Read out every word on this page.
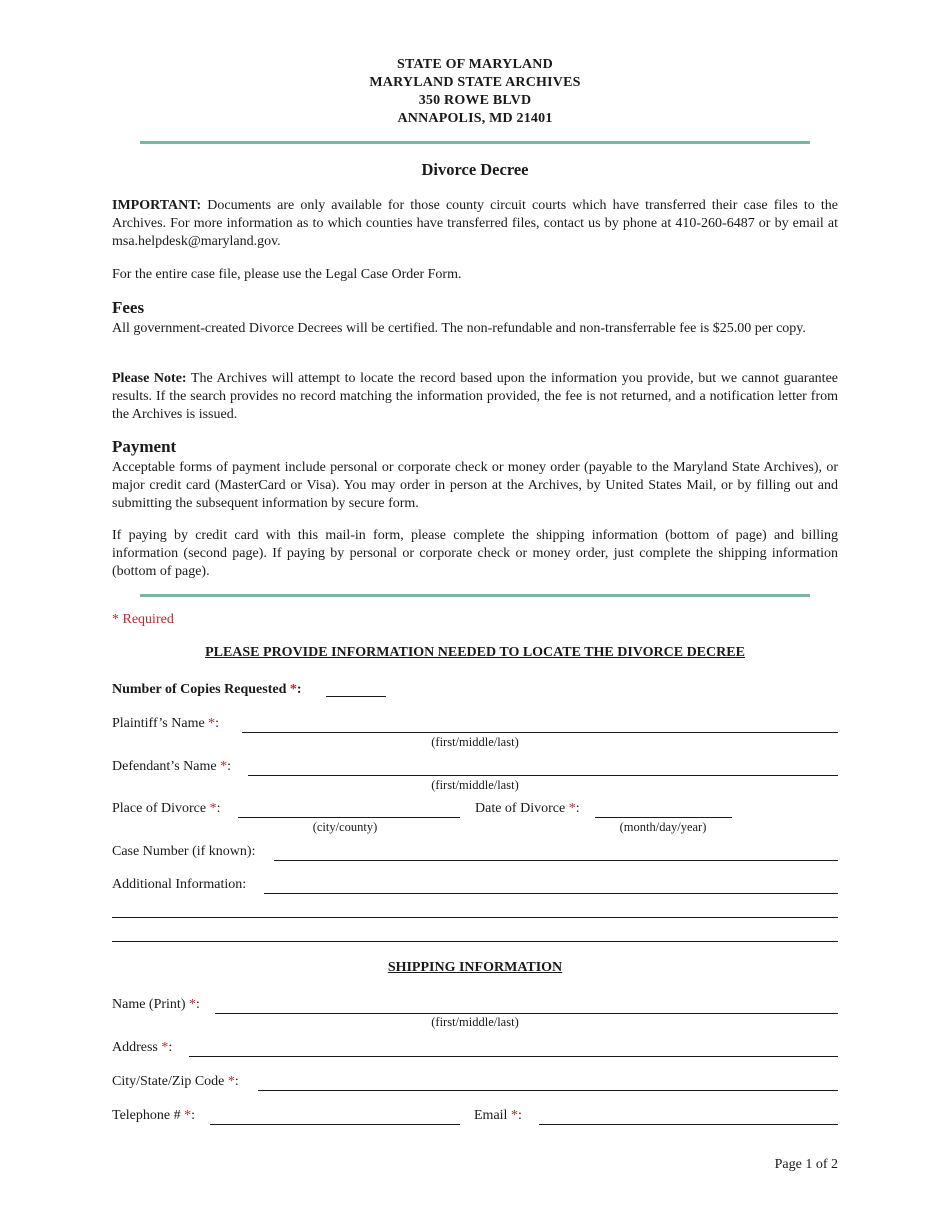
STATE OF MARYLAND
MARYLAND STATE ARCHIVES
350 ROWE BLVD
ANNAPOLIS, MD 21401
Divorce Decree
IMPORTANT: Documents are only available for those county circuit courts which have transferred their case files to the Archives. For more information as to which counties have transferred files, contact us by phone at 410-260-6487 or by email at msa.helpdesk@maryland.gov.
For the entire case file, please use the Legal Case Order Form.
Fees
All government-created Divorce Decrees will be certified. The non-refundable and non-transferrable fee is $25.00 per copy.
Please Note: The Archives will attempt to locate the record based upon the information you provide, but we cannot guarantee results. If the search provides no record matching the information provided, the fee is not returned, and a notification letter from the Archives is issued.
Payment
Acceptable forms of payment include personal or corporate check or money order (payable to the Maryland State Archives), or major credit card (MasterCard or Visa). You may order in person at the Archives, by United States Mail, or by filling out and submitting the subsequent information by secure form.
If paying by credit card with this mail-in form, please complete the shipping information (bottom of page) and billing information (second page). If paying by personal or corporate check or money order, just complete the shipping information (bottom of page).
* Required
PLEASE PROVIDE INFORMATION NEEDED TO LOCATE THE DIVORCE DECREE
Number of Copies Requested *:
Plaintiff’s Name *:
(first/middle/last)
Defendant’s Name *:
(first/middle/last)
Place of Divorce *:
(city/county)
Date of Divorce *:
(month/day/year)
Case Number (if known):
Additional Information:
SHIPPING INFORMATION
Name (Print) *:
(first/middle/last)
Address *:
City/State/Zip Code *:
Telephone # *:	Email *:
Page 1 of 2
